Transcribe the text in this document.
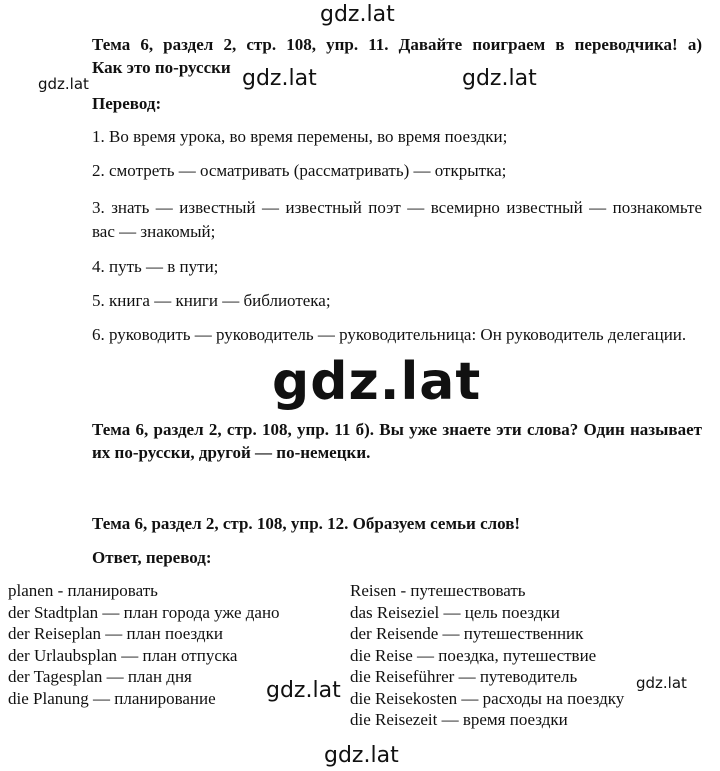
gdz.lat
gdz.lat	gdz.lat	gdz.lat
gdz.lat
gdz.lat	gdz.lat
gdz.lat
Тема 6, раздел 2, стр. 108, упр. 11. Давайте поиграем в переводчика! а)
Как это по-русски
Перевод:
1. Во время урока, во время перемены, во время поездки;
2. смотреть — осматривать (рассматривать) — открытка;
3. знать — известный — известный поэт — всемирно известный — познакомьте вас — знакомый;
4. путь — в пути;
5. книга — книги — библиотека;
6. руководить — руководитель — руководительница: Он руководитель делегации.
Тема 6, раздел 2, стр. 108, упр. 11 б). Вы уже знаете эти слова? Один называет их по-русски, другой — по-немецки.
Тема 6, раздел 2, стр. 108, упр. 12. Образуем семьи слов!
Ответ, перевод:
planen - планировать
der Stadtplan — план города уже дано
der Reiseplan — план поездки
der Urlaubsplan — план отпуска
der Tagesplan — план дня
die Planung — планирование
Reisen - путешествовать
das Reiseziel — цель поездки
der Reisende — путешественник
die Reise — поездка, путешествие
die Reiseführer — путеводитель
die Reisekosten — расходы на поездку
die Reisezeit — время поездки
